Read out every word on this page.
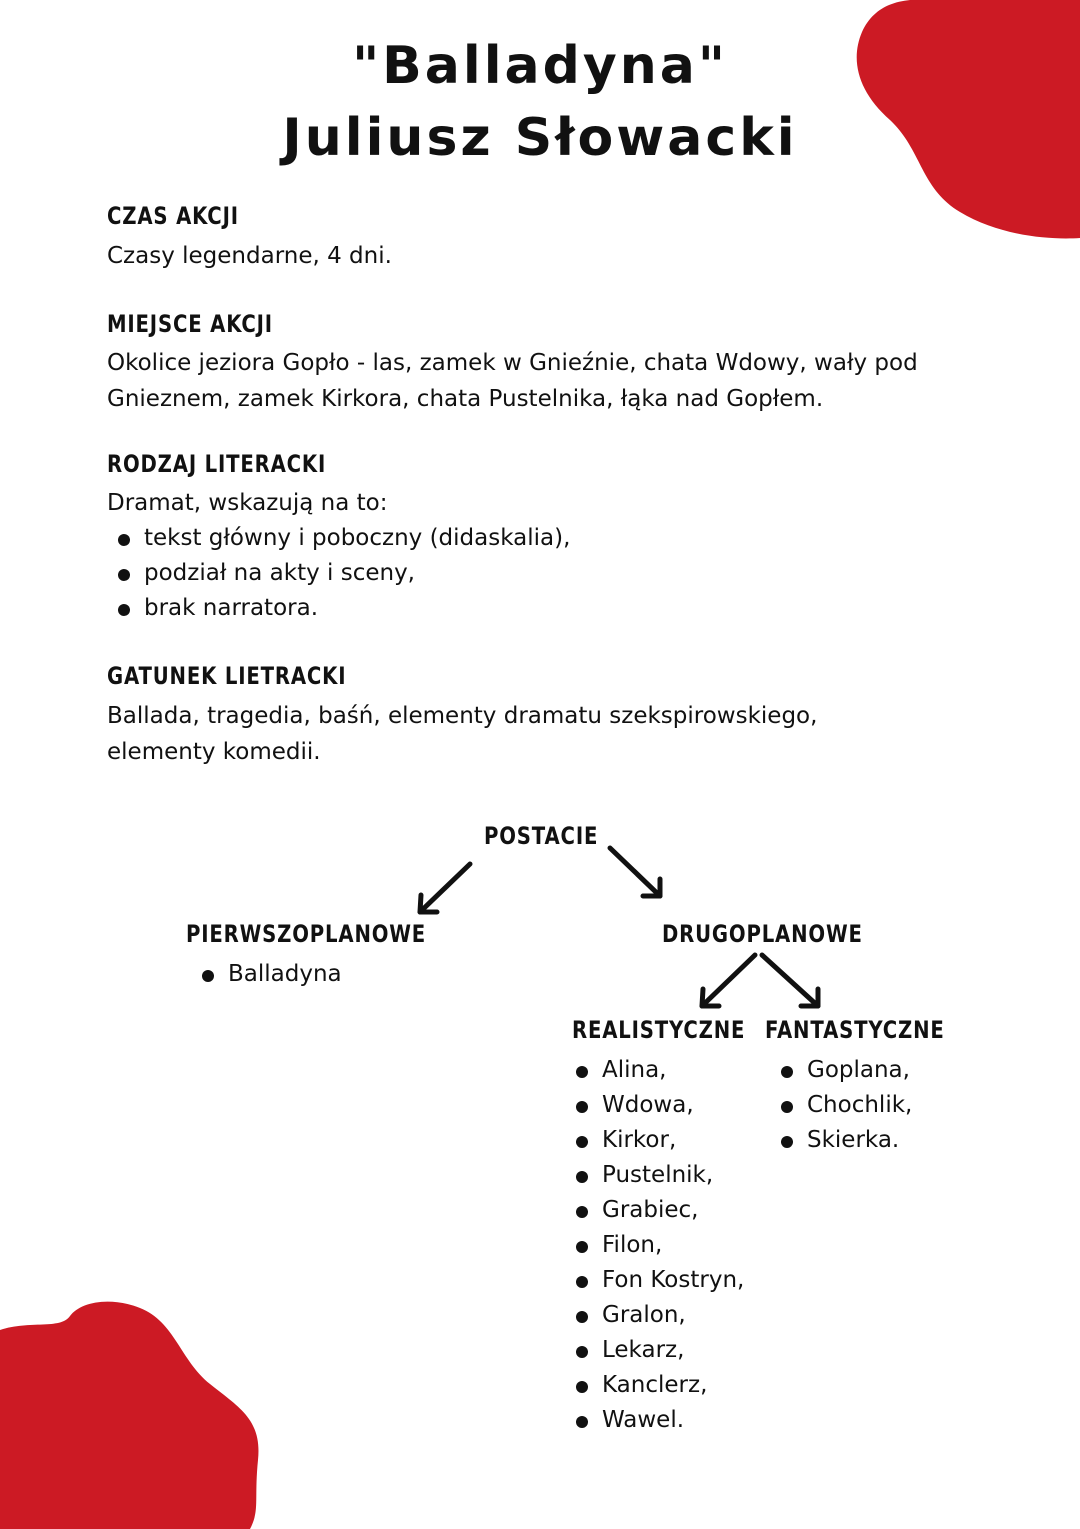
"Balladyna"
Juliusz Słowacki
CZAS AKCJI
Czasy legendarne, 4 dni.
MIEJSCE AKCJI
Okolice jeziora Gopło - las, zamek w Gnieźnie, chata Wdowy, wały pod
Gnieznem, zamek Kirkora, chata Pustelnika, łąka nad Gopłem.
RODZAJ LITERACKI
Dramat, wskazują na to:
tekst główny i poboczny (didaskalia),
podział na akty i sceny,
brak narratora.
GATUNEK LIETRACKI
Ballada, tragedia, baśń, elementy dramatu szekspirowskiego,
elementy komedii.
POSTACIE
PIERWSZOPLANOWE
Balladyna
DRUGOPLANOWE
REALISTYCZNE FANTASTYCZNE
Alina,
Wdowa,
Kirkor,
Pustelnik,
Grabiec,
Filon,
Fon Kostryn,
Gralon,
Lekarz,
Kanclerz,
Wawel.
Goplana,
Chochlik,
Skierka.
